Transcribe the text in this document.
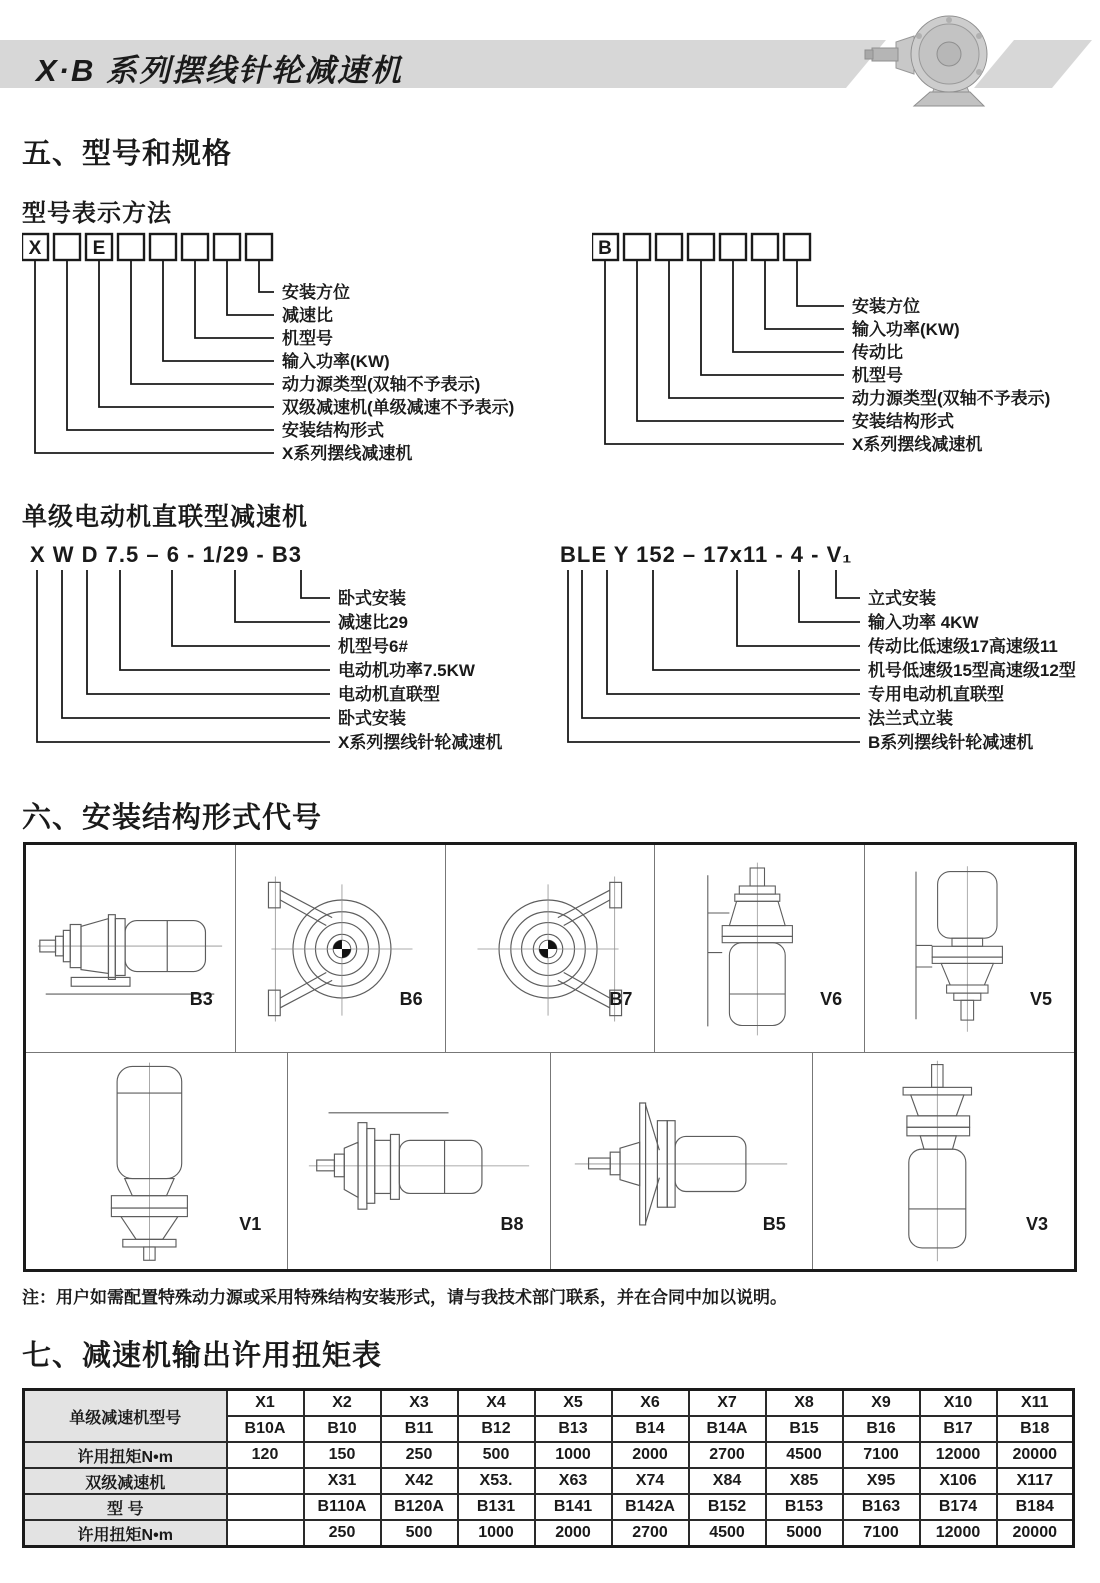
X·B 系列摆线针轮减速机
五、型号和规格
型号表示方法
X	E
安装方位
减速比
机型号
输入功率(KW)
动力源类型(双轴不予表示)
双级减速机(单级减速不予表示)
安装结构形式
X系列摆线减速机
B
安装方位
输入功率(KW)
传动比
机型号
动力源类型(双轴不予表示)
安装结构形式
X系列摆线减速机
单级电动机直联型减速机
X W D 7.5 – 6 - 1/29 - B3
卧式安装
减速比29
机型号6#
电动机功率7.5KW
电动机直联型
卧式安装
X系列摆线针轮减速机
BLE Y 152 – 17x11 - 4 - V₁
立式安装
输入功率 4KW
传动比低速级17高速级11
机号低速级15型高速级12型
专用电动机直联型
法兰式立装
B系列摆线针轮减速机
六、安装结构形式代号
B3	B6	B7	V6	V5
V1	B8	B5	V3
注：用户如需配置特殊动力源或采用特殊结构安装形式，请与我技术部门联系，并在合同中加以说明。
七、减速机输出许用扭矩表
单级减速机型号	X1	X2	X3	X4	X5	X6	X7	X8	X9	X10	X11
	B10A	B10	B11	B12	B13	B14	B14A	B15	B16	B17	B18
许用扭矩N•m	120	150	250	500	1000	2000	2700	4500	7100	12000	20000
双级减速机		X31	X42	X53.	X63	X74	X84	X85	X95	X106	X117
型 号		B110A	B120A	B131	B141	B142A	B152	B153	B163	B174	B184
许用扭矩N•m		250	500	1000	2000	2700	4500	5000	7100	12000	20000
